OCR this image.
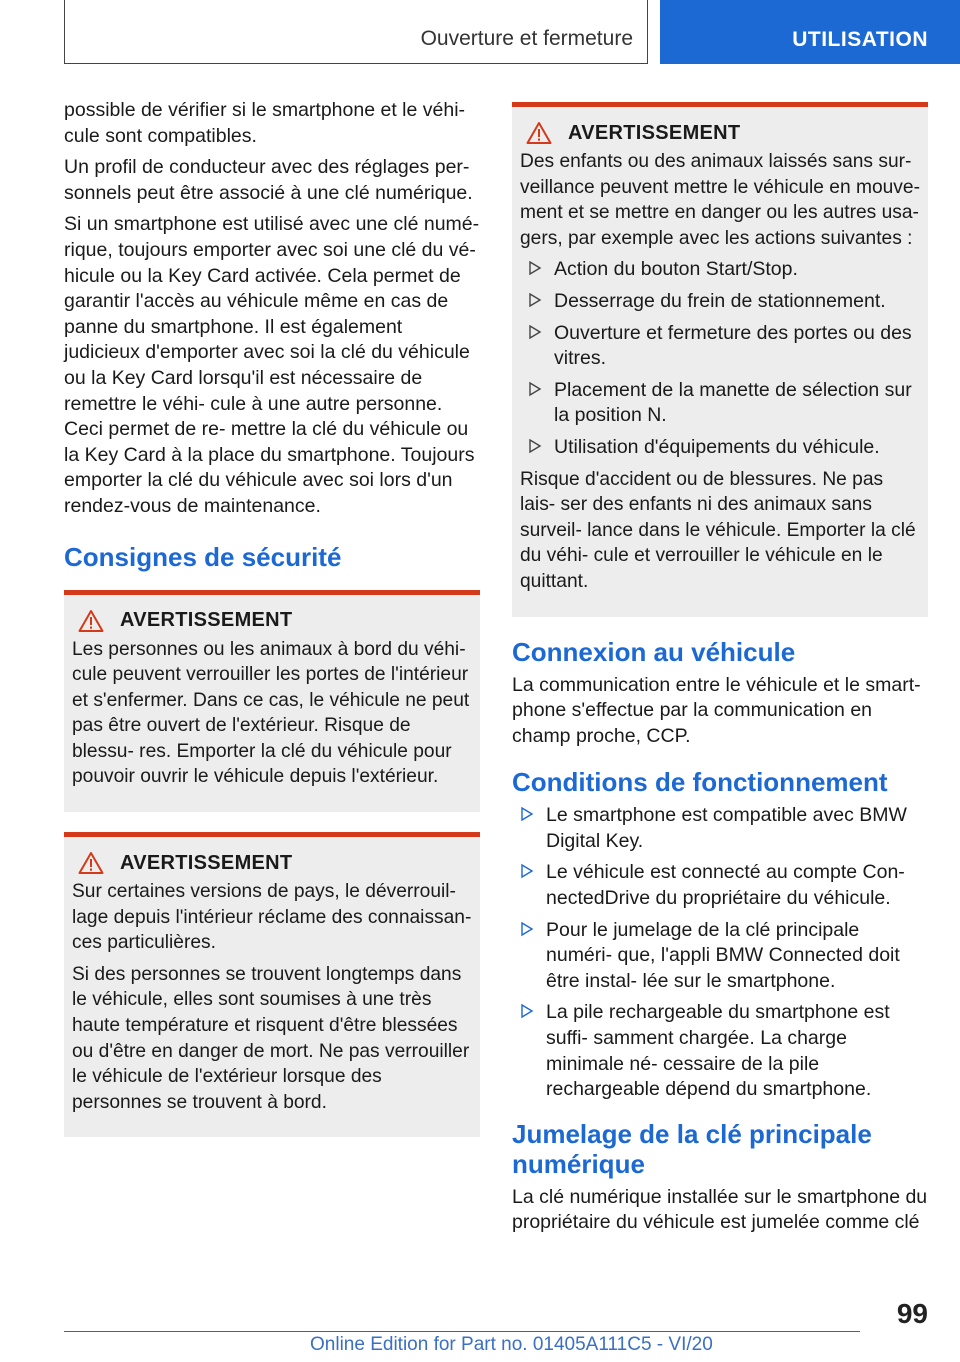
Ouverture et fermeture	UTILISATION

possible de vérifier si le smartphone et le véhi- cule sont compatibles.

Un profil de conducteur avec des réglages per- sonnels peut être associé à une clé numérique.

Si un smartphone est utilisé avec une clé numé- rique, toujours emporter avec soi une clé du vé- hicule ou la Key Card activée. Cela permet de garantir l'accès au véhicule même en cas de panne du smartphone. Il est également judicieux d'emporter avec soi la clé du véhicule ou la Key Card lorsqu'il est nécessaire de remettre le véhi- cule à une autre personne. Ceci permet de re- mettre la clé du véhicule ou la Key Card à la place du smartphone. Toujours emporter la clé du véhicule avec soi lors d'un rendez-vous de maintenance.

Consignes de sécurité
AVERTISSEMENT

Les personnes ou les animaux à bord du véhi- cule peuvent verrouiller les portes de l'intérieur et s'enfermer. Dans ce cas, le véhicule ne peut pas être ouvert de l'extérieur. Risque de blessu- res. Emporter la clé du véhicule pour pouvoir ouvrir le véhicule depuis l'extérieur.

AVERTISSEMENT

Sur certaines versions de pays, le déverrouil- lage depuis l'intérieur réclame des connaissan- ces particulières.

Si des personnes se trouvent longtemps dans le véhicule, elles sont soumises à une très haute température et risquent d'être blessées ou d'être en danger de mort. Ne pas verrouiller le véhicule de l'extérieur lorsque des personnes se trouvent à bord.

AVERTISSEMENT

Des enfants ou des animaux laissés sans sur- veillance peuvent mettre le véhicule en mouve- ment et se mettre en danger ou les autres usa- gers, par exemple avec les actions suivantes :

Action du bouton Start/Stop.
Desserrage du frein de stationnement.
Ouverture et fermeture des portes ou des vitres.
Placement de la manette de sélection sur la position N.
Utilisation d'équipements du véhicule.

Risque d'accident ou de blessures. Ne pas lais- ser des enfants ni des animaux sans surveil- lance dans le véhicule. Emporter la clé du véhi- cule et verrouiller le véhicule en le quittant.

Connexion au véhicule

La communication entre le véhicule et le smart- phone s'effectue par la communication en champ proche, CCP.

Conditions de fonctionnement
Le smartphone est compatible avec BMW Digital Key.
Le véhicule est connecté au compte Con- nectedDrive du propriétaire du véhicule.
Pour le jumelage de la clé principale numéri- que, l'appli BMW Connected doit être instal- lée sur le smartphone.
La pile rechargeable du smartphone est suffi- samment chargée. La charge minimale né- cessaire de la pile rechargeable dépend du smartphone.
Jumelage de la clé principale numérique

La clé numérique installée sur le smartphone du propriétaire du véhicule est jumelée comme clé

99
Online Edition for Part no. 01405A111C5 - VI/20
